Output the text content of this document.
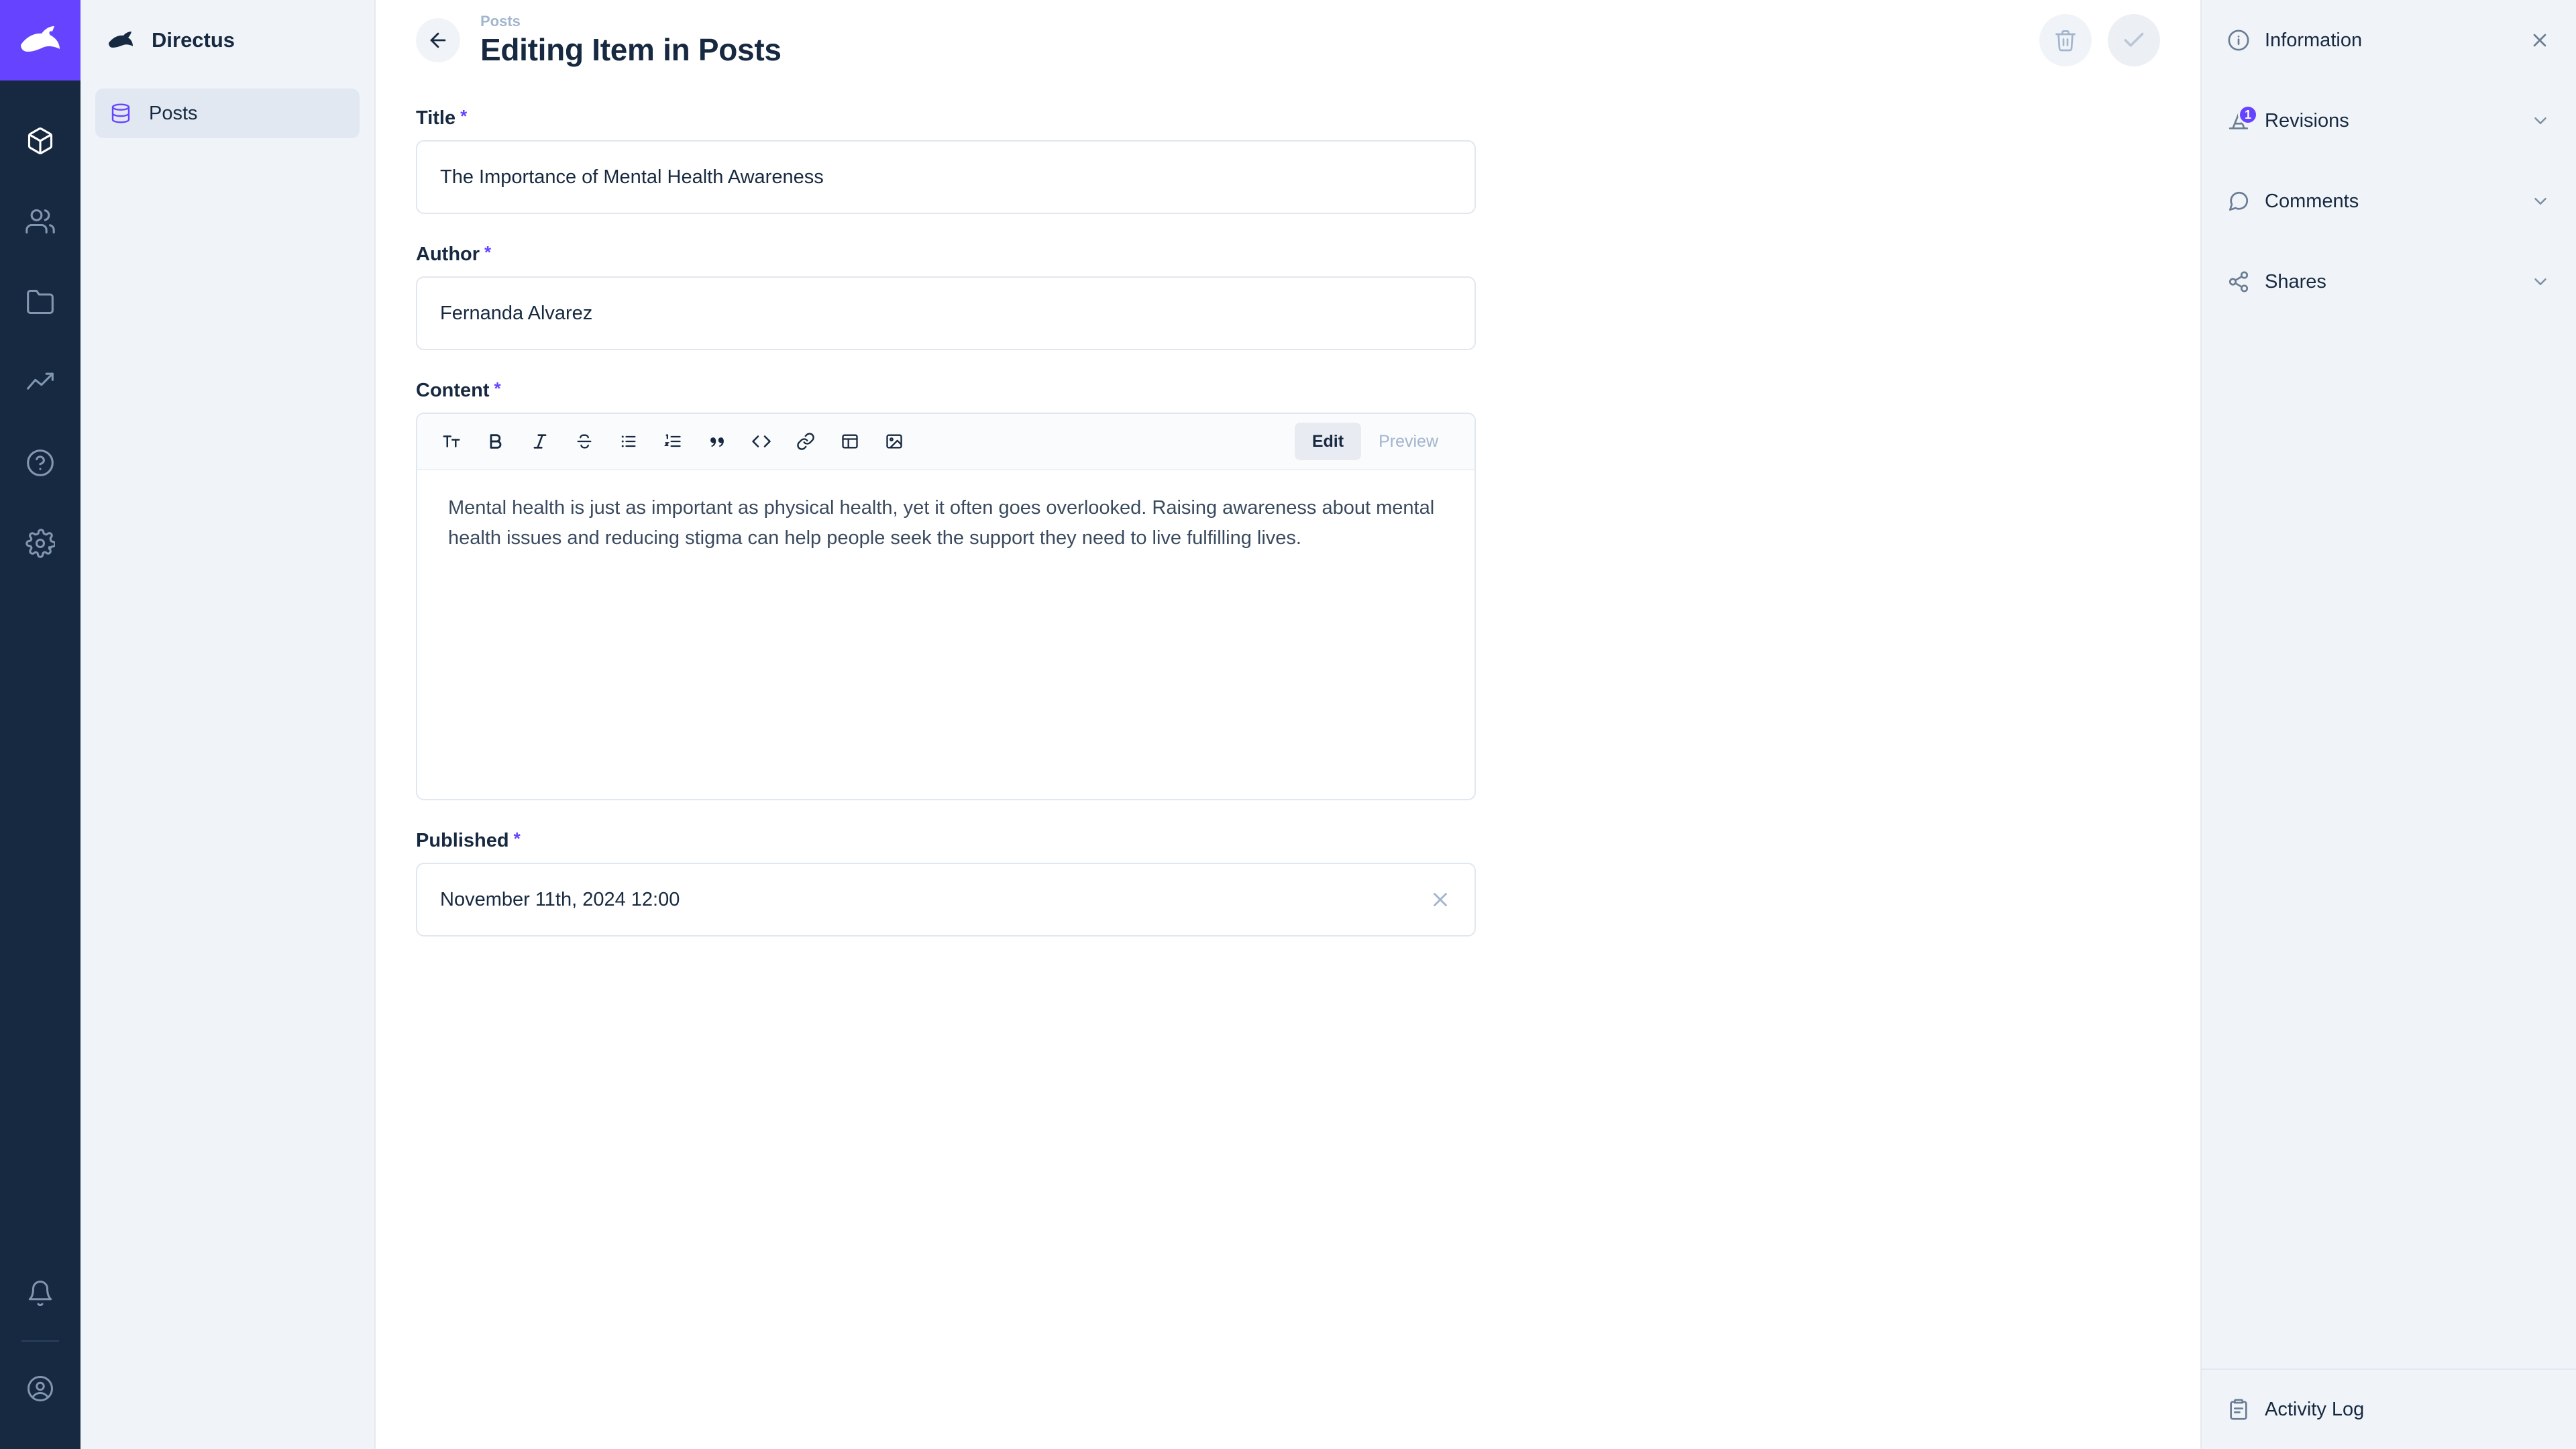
Directus
Posts
Posts
Editing Item in Posts
Title *
The Importance of Mental Health Awareness
Author *
Fernanda Alvarez
Content *
Edit	Preview
Mental health is just as important as physical health, yet it often goes overlooked. Raising awareness about mental health issues and reducing stigma can help people seek the support they need to live fulfilling lives.
Published *
November 11th, 2024 12:00
Information
1 Revisions
Comments
Shares
Activity Log
